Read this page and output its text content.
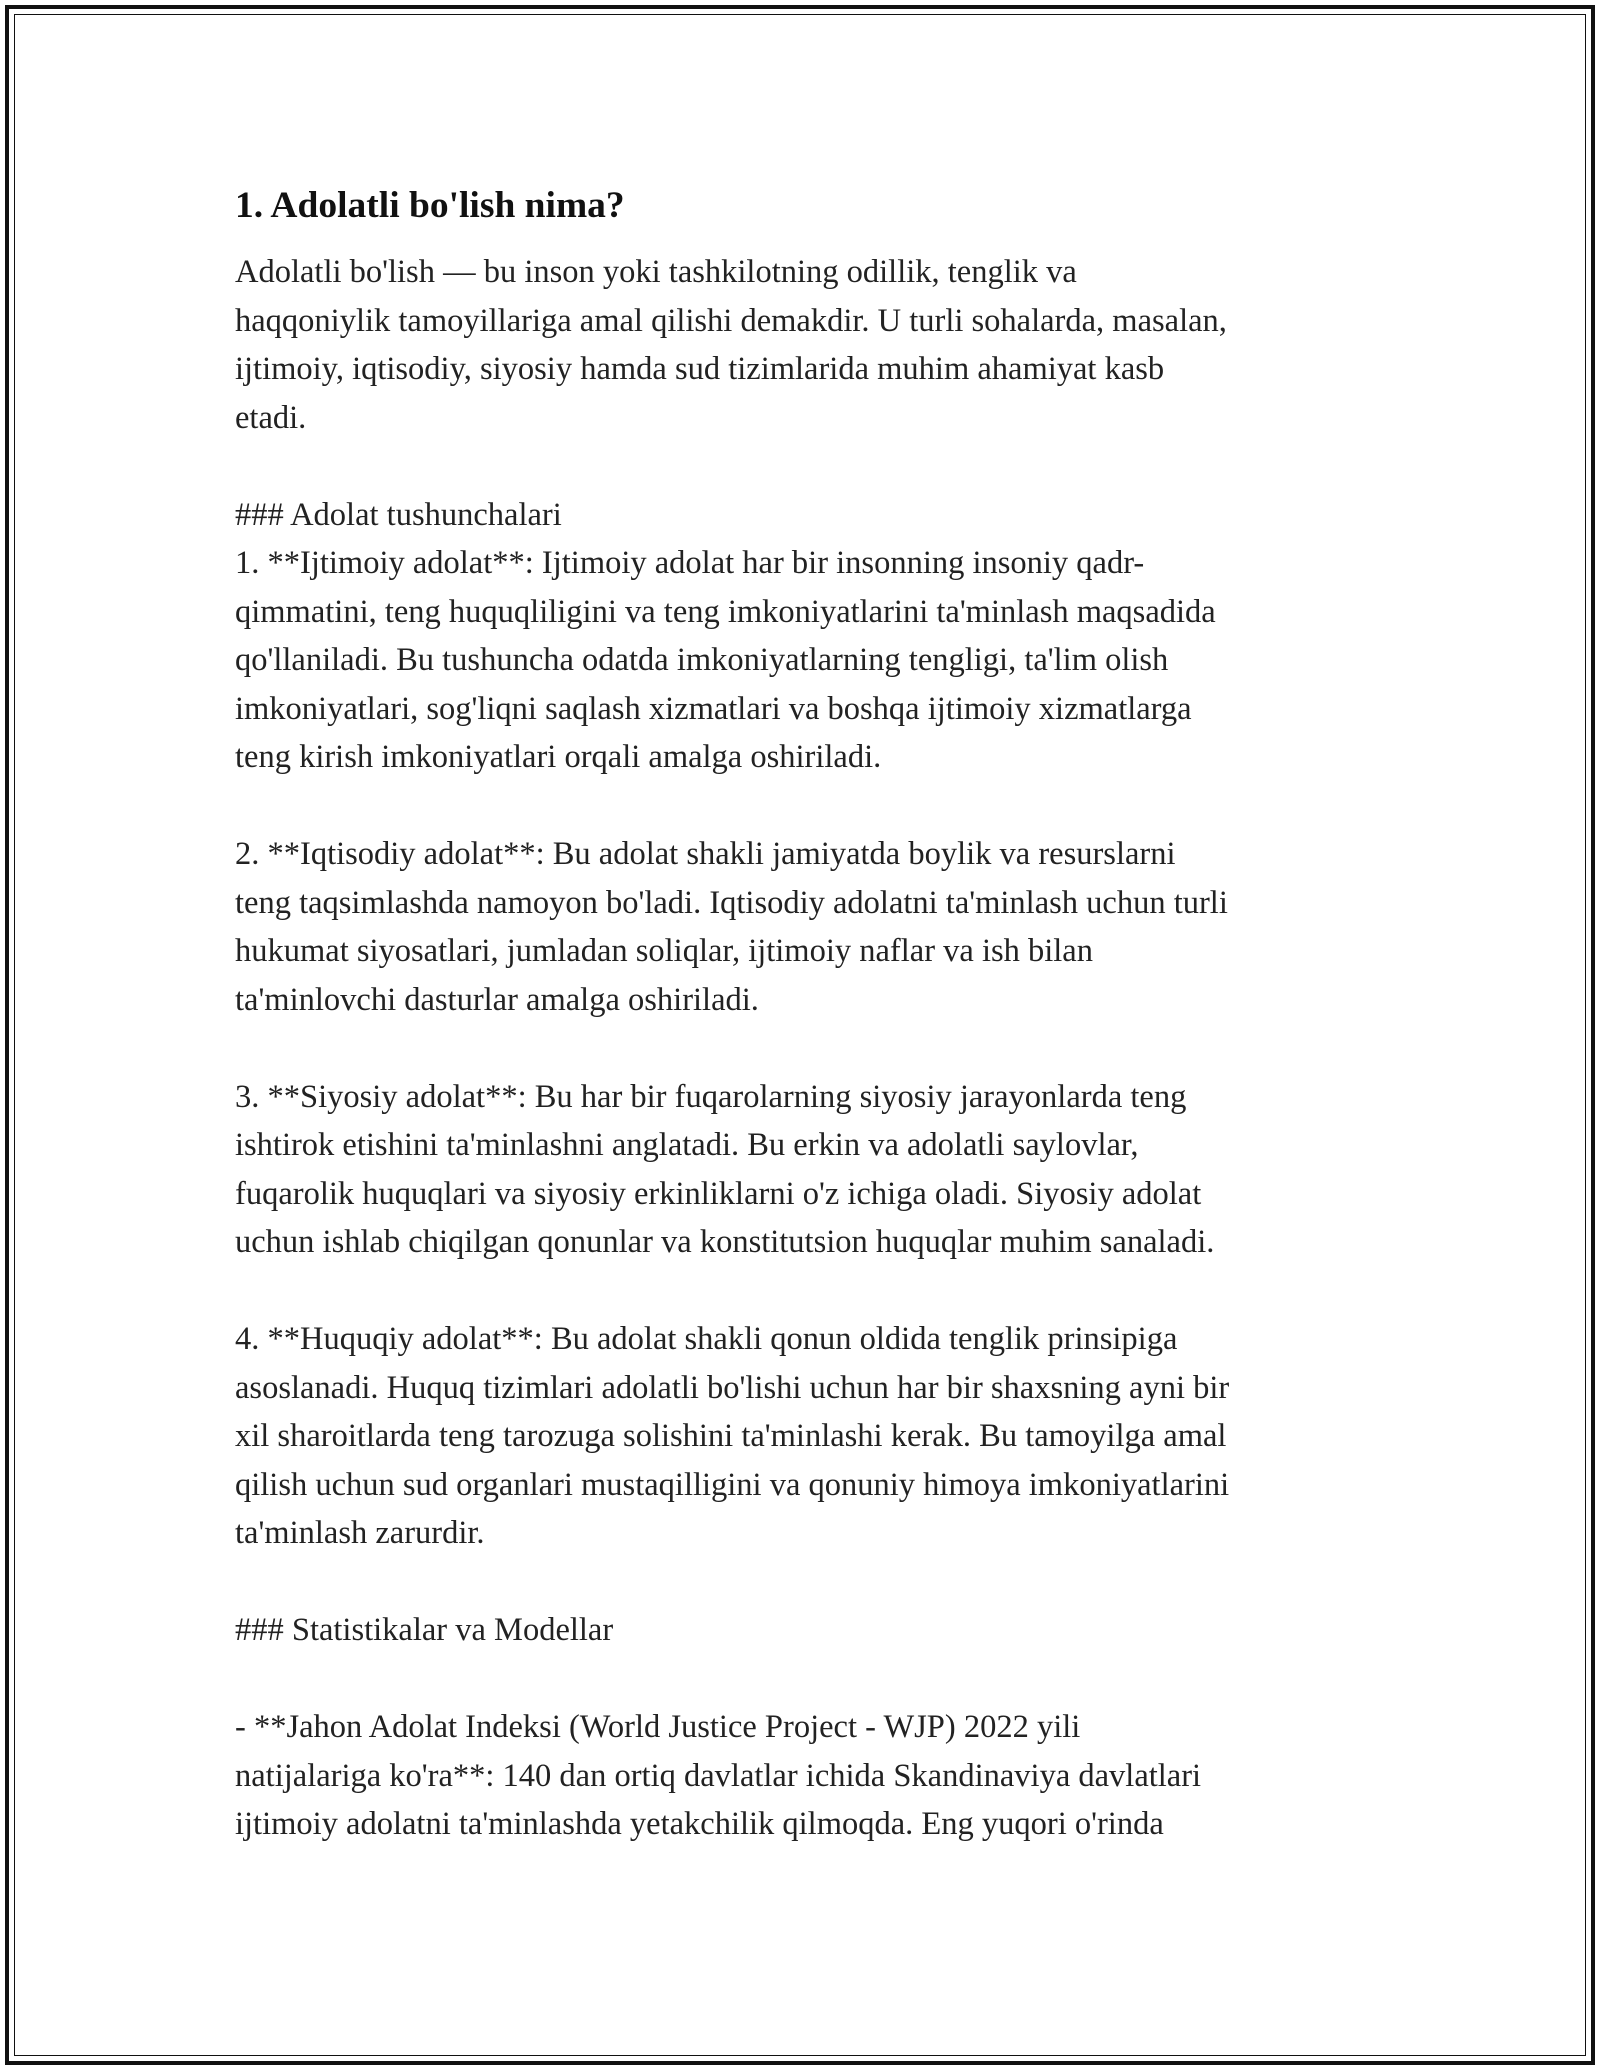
1. Adolatli bo'lish nima?
Adolatli bo'lish — bu inson yoki tashkilotning odillik, tenglik va
haqqoniylik tamoyillariga amal qilishi demakdir. U turli sohalarda, masalan,
ijtimoiy, iqtisodiy, siyosiy hamda sud tizimlarida muhim ahamiyat kasb
etadi.
### Adolat tushunchalari
1. **Ijtimoiy adolat**: Ijtimoiy adolat har bir insonning insoniy qadr-
qimmatini, teng huquqliligini va teng imkoniyatlarini ta'minlash maqsadida
qo'llaniladi. Bu tushuncha odatda imkoniyatlarning tengligi, ta'lim olish
imkoniyatlari, sog'liqni saqlash xizmatlari va boshqa ijtimoiy xizmatlarga
teng kirish imkoniyatlari orqali amalga oshiriladi.
2. **Iqtisodiy adolat**: Bu adolat shakli jamiyatda boylik va resurslarni
teng taqsimlashda namoyon bo'ladi. Iqtisodiy adolatni ta'minlash uchun turli
hukumat siyosatlari, jumladan soliqlar, ijtimoiy naflar va ish bilan
ta'minlovchi dasturlar amalga oshiriladi.
3. **Siyosiy adolat**: Bu har bir fuqarolarning siyosiy jarayonlarda teng
ishtirok etishini ta'minlashni anglatadi. Bu erkin va adolatli saylovlar,
fuqarolik huquqlari va siyosiy erkinliklarni o'z ichiga oladi. Siyosiy adolat
uchun ishlab chiqilgan qonunlar va konstitutsion huquqlar muhim sanaladi.
4. **Huquqiy adolat**: Bu adolat shakli qonun oldida tenglik prinsipiga
asoslanadi. Huquq tizimlari adolatli bo'lishi uchun har bir shaxsning ayni bir
xil sharoitlarda teng tarozuga solishini ta'minlashi kerak. Bu tamoyilga amal
qilish uchun sud organlari mustaqilligini va qonuniy himoya imkoniyatlarini
ta'minlash zarurdir.
### Statistikalar va Modellar
- **Jahon Adolat Indeksi (World Justice Project - WJP) 2022 yili
natijalariga ko'ra**: 140 dan ortiq davlatlar ichida Skandinaviya davlatlari
ijtimoiy adolatni ta'minlashda yetakchilik qilmoqda. Eng yuqori o'rinda
